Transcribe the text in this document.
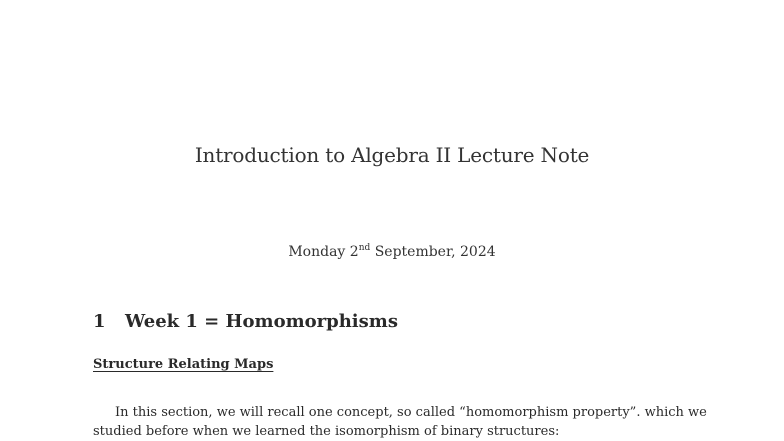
Introduction to Algebra II Lecture Note
Monday 2nd September, 2024
1 Week 1 = Homomorphisms
Structure Relating Maps
In this section, we will recall one concept, so called “homomorphism property”. which we
studied before when we learned the isomorphism of binary structures:
